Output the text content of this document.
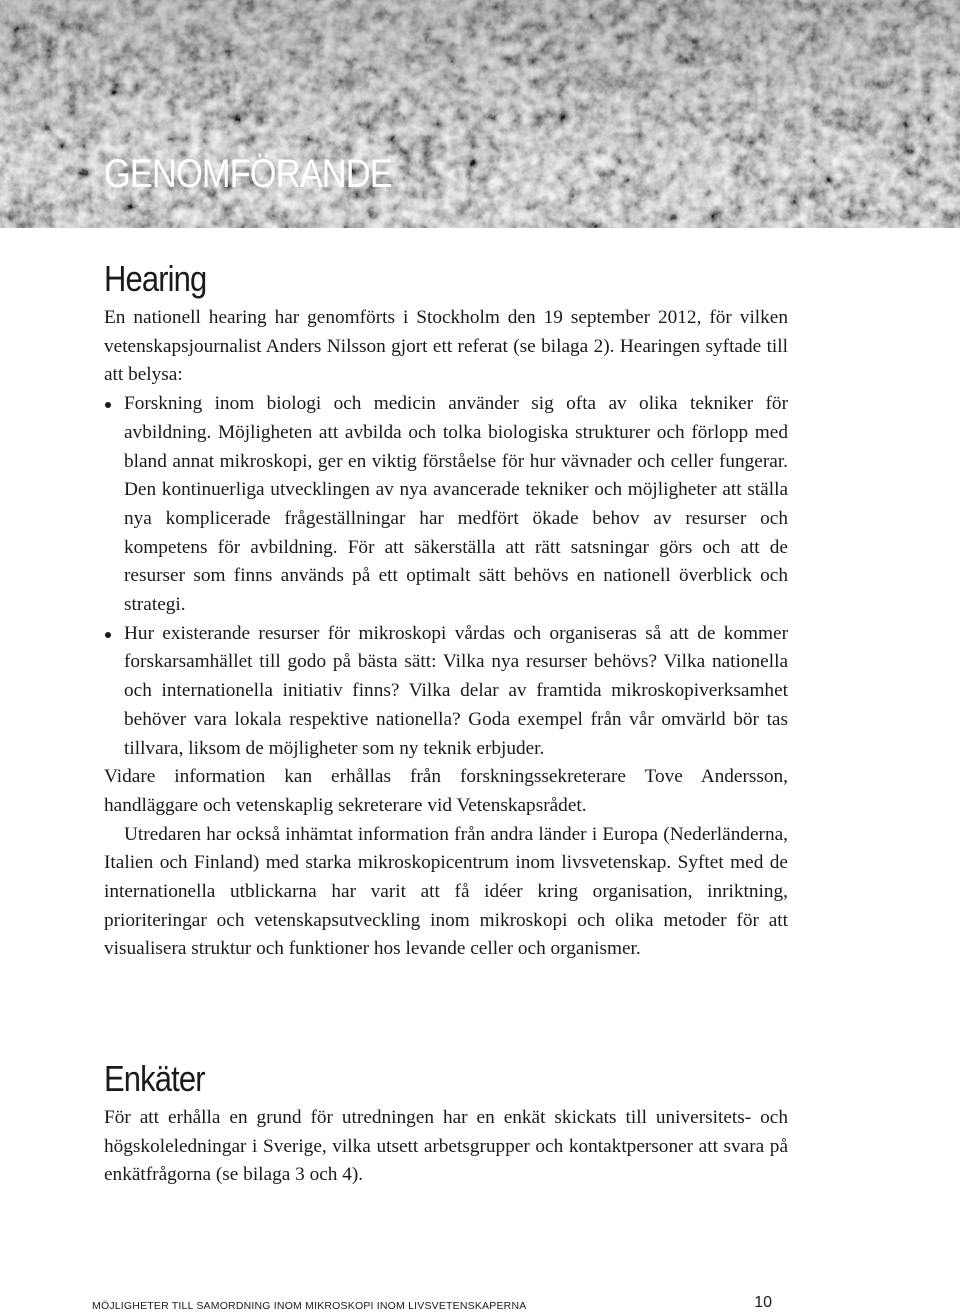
GENOMFÖRANDE
Hearing

En nationell hearing har genomförts i Stockholm den 19 september 2012, för vilken vetenskapsjournalist Anders Nilsson gjort ett referat (se bilaga 2). Hearingen syftade till att belysa:

Forskning inom biologi och medicin använder sig ofta av olika tekniker för avbildning. Möjligheten att avbilda och tolka biologiska strukturer och förlopp med bland annat mikroskopi, ger en viktig förståelse för hur vävnader och celler fungerar. Den kontinuerliga utvecklingen av nya avancerade tekniker och möjligheter att ställa nya komplicerade frågeställningar har medfört ökade behov av resurser och kompetens för avbildning. För att säkerställa att rätt satsningar görs och att de resurser som finns används på ett optimalt sätt behövs en nationell överblick och strategi.

Hur existerande resurser för mikroskopi vårdas och organiseras så att de kommer forskarsamhället till godo på bästa sätt: Vilka nya resurser behövs? Vilka nationella och internationella initiativ finns? Vilka delar av framtida mikroskopiverksamhet behöver vara lokala respektive nationella? Goda exempel från vår omvärld bör tas tillvara, liksom de möjligheter som ny teknik erbjuder.

Vidare information kan erhållas från forskningssekreterare Tove Andersson, handläggare och vetenskaplig sekreterare vid Vetenskapsrådet.

Utredaren har också inhämtat information från andra länder i Europa (Nederländerna, Italien och Finland) med starka mikroskopicentrum inom livsvetenskap. Syftet med de internationella utblickarna har varit att få idéer kring organisation, inriktning, prioriteringar och vetenskapsutveckling inom mikroskopi och olika metoder för att visualisera struktur och funktioner hos levande celler och organismer.

Enkäter

För att erhålla en grund för utredningen har en enkät skickats till universitets- och högskoleledningar i Sverige, vilka utsett arbetsgrupper och kontaktpersoner att svara på enkätfrågorna (se bilaga 3 och 4).

MÖJLIGHETER TILL SAMORDNING INOM MIKROSKOPI INOM LIVSVETENSKAPERNA	10
